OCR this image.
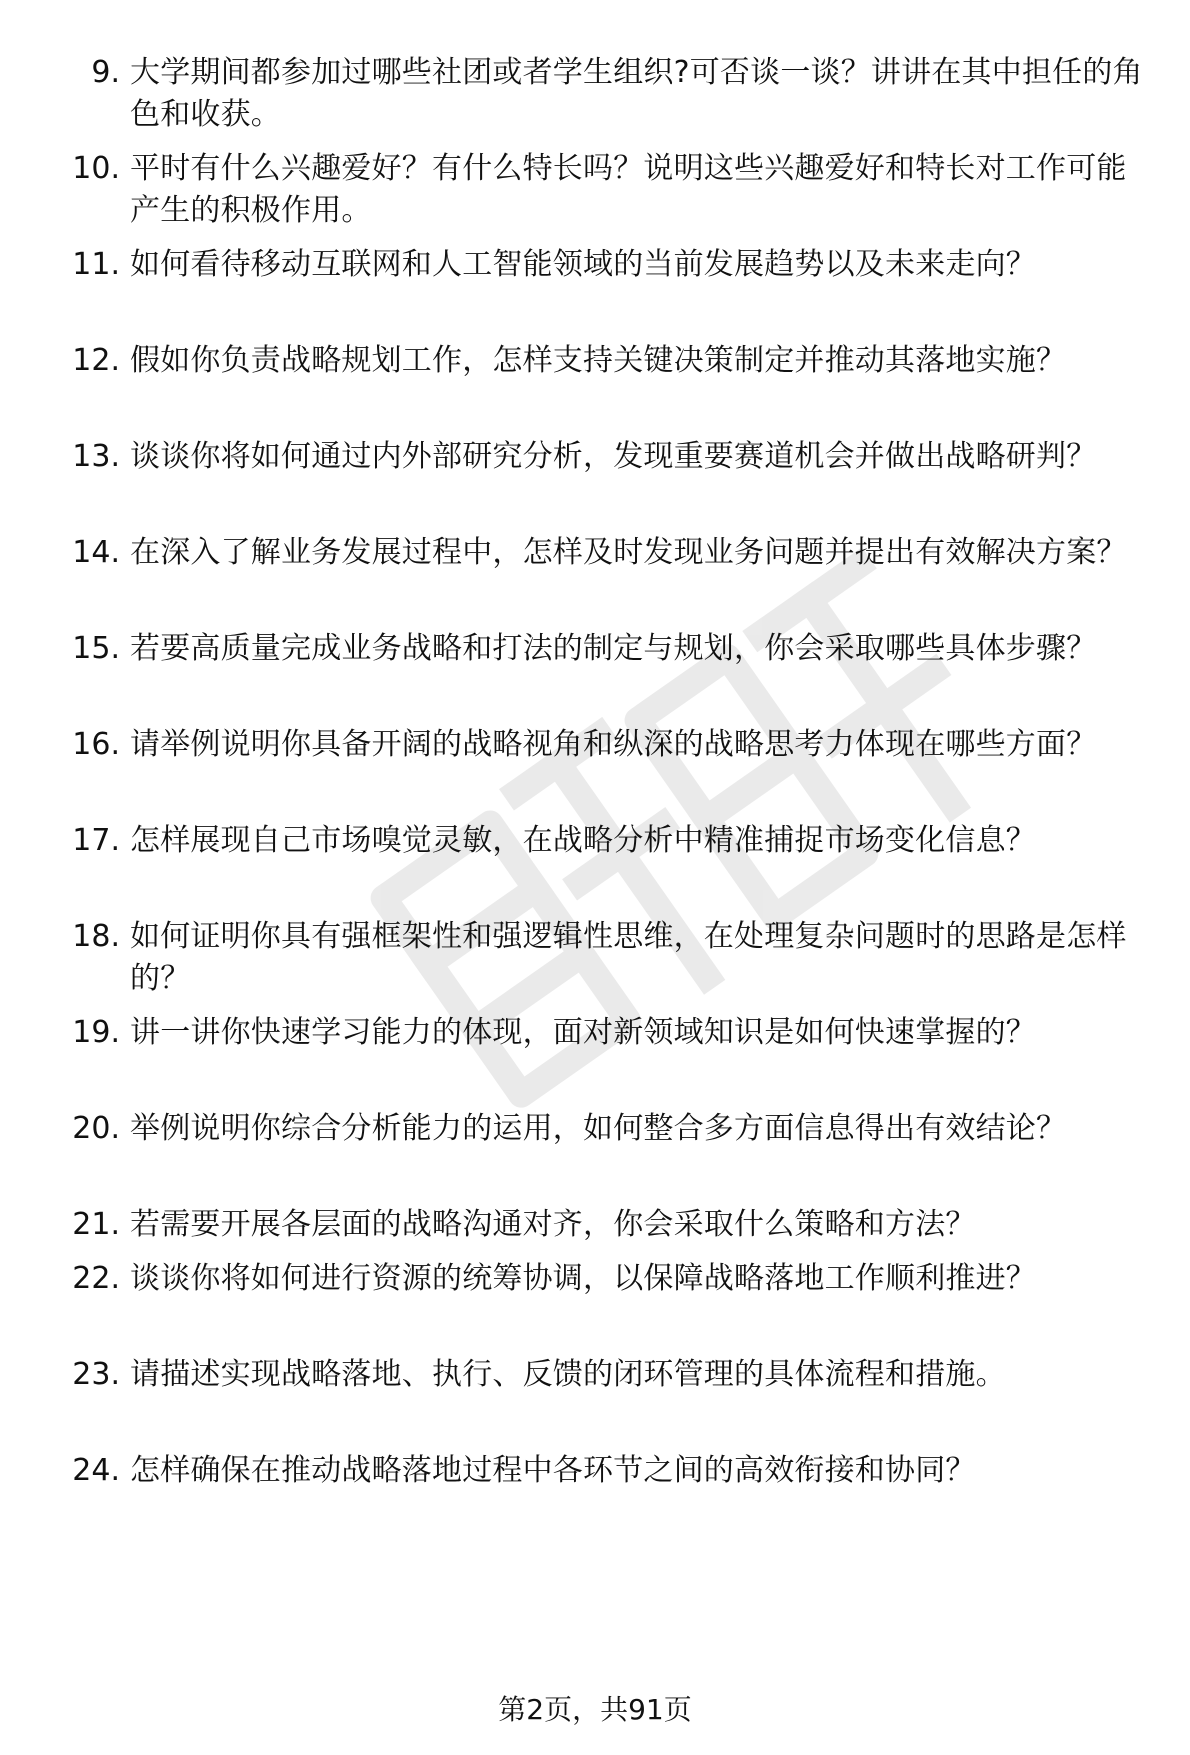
9. 大学期间都参加过哪些社团或者学生组织?可否谈一谈？讲讲在其中担任的角色和收获。
10. 平时有什么兴趣爱好？有什么特长吗？说明这些兴趣爱好和特长对工作可能产生的积极作用。
11. 如何看待移动互联网和人工智能领域的当前发展趋势以及未来走向？
12. 假如你负责战略规划工作，怎样支持关键决策制定并推动其落地实施？
13. 谈谈你将如何通过内外部研究分析，发现重要赛道机会并做出战略研判？
14. 在深入了解业务发展过程中，怎样及时发现业务问题并提出有效解决方案？
15. 若要高质量完成业务战略和打法的制定与规划，你会采取哪些具体步骤？
16. 请举例说明你具备开阔的战略视角和纵深的战略思考力体现在哪些方面？
17. 怎样展现自己市场嗅觉灵敏，在战略分析中精准捕捉市场变化信息？
18. 如何证明你具有强框架性和强逻辑性思维，在处理复杂问题时的思路是怎样的？
19. 讲一讲你快速学习能力的体现，面对新领域知识是如何快速掌握的？
20. 举例说明你综合分析能力的运用，如何整合多方面信息得出有效结论？
21. 若需要开展各层面的战略沟通对齐，你会采取什么策略和方法？
22. 谈谈你将如何进行资源的统筹协调，以保障战略落地工作顺利推进？
23. 请描述实现战略落地、执行、反馈的闭环管理的具体流程和措施。
24. 怎样确保在推动战略落地过程中各环节之间的高效衔接和协同？
第2页，共91页
